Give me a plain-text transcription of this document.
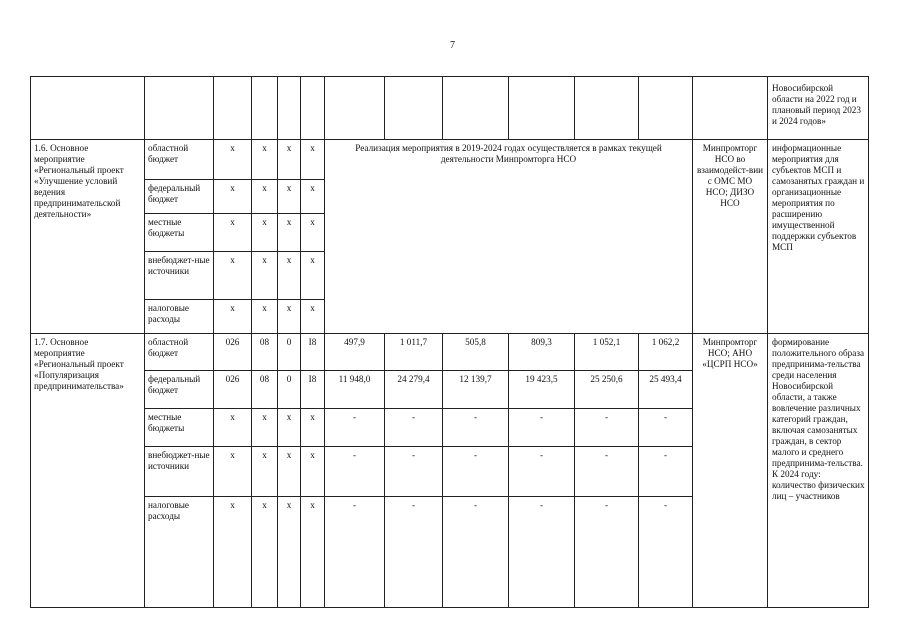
7
													Новосибирской области на 2022 год и плановый период 2023 и 2024 годов»
1.6. Основное мероприятие «Региональный проект «Улучшение условий ведения предпринимательской деятельности»	областной бюджет	x	x	x	x	Реализация мероприятия в 2019-2024 годах осуществляется в рамках текущей деятельности Минпромторга НСО						Минпромторг НСО во взаимодейст-вии с ОМС МО НСО; ДИЗО НСО	информационные мероприятия для субъектов МСП и самозанятых граждан и организационные мероприятия по расширению имущественной поддержки субъектов МСП
	федеральный бюджет	x	x	x	x								
	местные бюджеты	x	x	x	x								
	внебюджет-ные источники	x	x	x	x								
	налоговые расходы	x	x	x	x								
1.7. Основное мероприятие «Региональный проект «Популяризация предпринимательства»	областной бюджет	026	08	0	I8	497,9	1 011,7	505,8	809,3	1 052,1	1 062,2	Минпромторг НСО; АНО «ЦСРП НСО»	формирование положительного образа предпринима-тельства среди населения Новосибирской области, а также вовлечение различных категорий граждан, включая самозанятых граждан, в сектор малого и среднего предпринима-тельства. К 2024 году: количество физических лиц – участников
	федеральный бюджет	026	08	0	I8	11 948,0	24 279,4	12 139,7	19 423,5	25 250,6	25 493,4		
	местные бюджеты	x	x	x	x	-	-	-	-	-	-		
	внебюджет-ные источники	x	x	x	x	-	-	-	-	-	-		
	налоговые расходы	x	x	x	x	-	-	-	-	-	-		
